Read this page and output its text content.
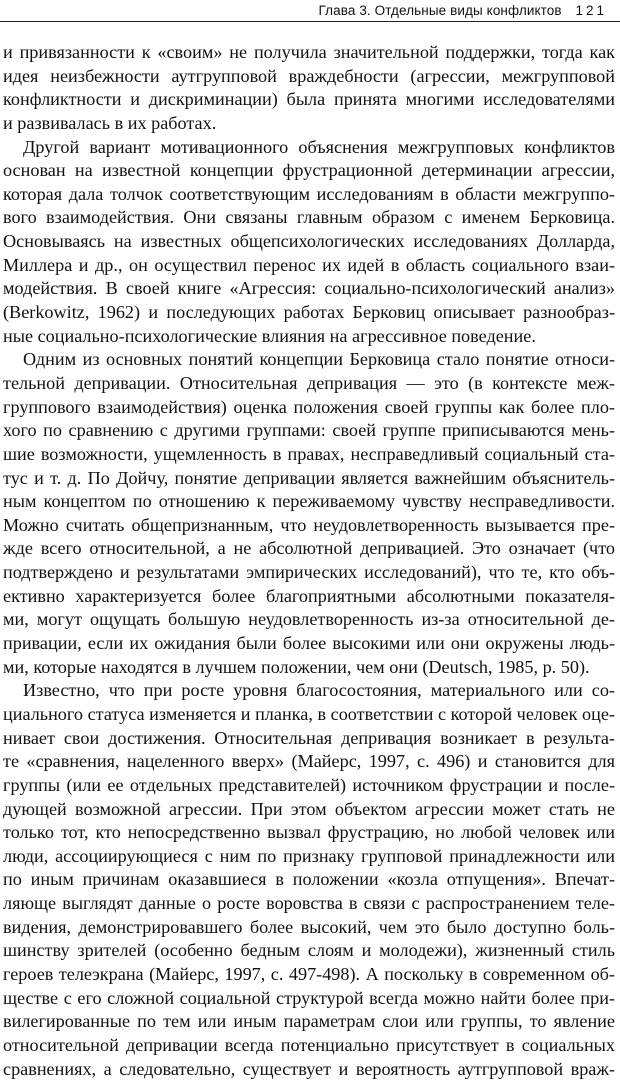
Глава 3. Отдельные виды конфликтов 121

и привязанности к «своим» не получила значительной поддержки, тогда как
идея неизбежности аутгрупповой враждебности (агрессии, межгрупповой
конфликтности и дискриминации) была принята многими исследователями
и развивалась в их работах.

Другой вариант мотивационного объяснения межгрупповых конфликтов
основан на известной концепции фрустрационной детерминации агрессии,
которая дала толчок соответствующим исследованиям в области межгруппо-
вого взаимодействия. Они связаны главным образом с именем Берковица.
Основываясь на известных общепсихологических исследованиях Долларда,
Миллера и др., он осуществил перенос их идей в область социального взаи-
модействия. В своей книге «Агрессия: социально-психологический анализ»
(Berkowitz, 1962) и последующих работах Берковиц описывает разнообраз-
ные социально-психологические влияния на агрессивное поведение.

Одним из основных понятий концепции Берковица стало понятие относи-
тельной депривации. Относительная депривация — это (в контексте меж-
группового взаимодействия) оценка положения своей группы как более пло-
хого по сравнению с другими группами: своей группе приписываются мень-
шие возможности, ущемленность в правах, несправедливый социальный ста-
тус и т. д. По Дойчу, понятие депривации является важнейшим объяснитель-
ным концептом по отношению к переживаемому чувству несправедливости.
Можно считать общепризнанным, что неудовлетворенность вызывается пре-
жде всего относительной, а не абсолютной депривацией. Это означает (что
подтверждено и результатами эмпирических исследований), что те, кто объ-
ективно характеризуется более благоприятными абсолютными показателя-
ми, могут ощущать большую неудовлетворенность из-за относительной де-
привации, если их ожидания были более высокими или они окружены людь-
ми, которые находятся в лучшем положении, чем они (Deutsch, 1985, p. 50).

Известно, что при росте уровня благосостояния, материального или со-
циального статуса изменяется и планка, в соответствии с которой человек оце-
нивает свои достижения. Относительная депривация возникает в результа-
те «сравнения, нацеленного вверх» (Майерс, 1997, с. 496) и становится для
группы (или ее отдельных представителей) источником фрустрации и после-
дующей возможной агрессии. При этом объектом агрессии может стать не
только тот, кто непосредственно вызвал фрустрацию, но любой человек или
люди, ассоциирующиеся с ним по признаку групповой принадлежности или
по иным причинам оказавшиеся в положении «козла отпущения». Впечат-
ляюще выглядят данные о росте воровства в связи с распространением теле-
видения, демонстрировавшего более высокий, чем это было доступно боль-
шинству зрителей (особенно бедным слоям и молодежи), жизненный стиль
героев телеэкрана (Майерс, 1997, с. 497-498). А поскольку в современном об-
ществе с его сложной социальной структурой всегда можно найти более при-
вилегированные по тем или иным параметрам слои или группы, то явление
относительной депривации всегда потенциально присутствует в социальных
сравнениях, а следовательно, существует и вероятность аутгрупповой враж-
